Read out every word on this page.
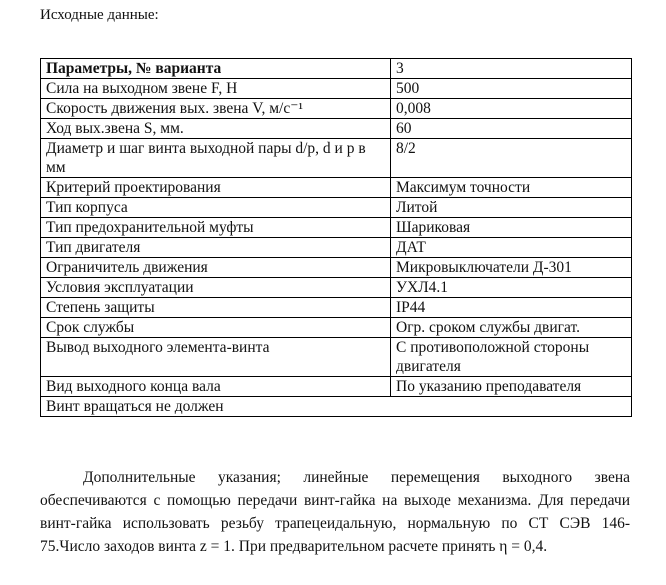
Исходные данные:
Параметры, № варианта	3
Сила на выходном звене F, Н	500
Скорость движения вых. звена V, м/с⁻¹	0,008
Ход вых.звена S, мм.	60
Диаметр и шаг винта выходной пары d/p, d и р в мм	8/2
Критерий проектирования	Максимум точности
Тип корпуса	Литой
Тип предохранительной муфты	Шариковая
Тип двигателя	ДАТ
Ограничитель движения	Микровыключатели Д-301
Условия эксплуатации	УХЛ4.1
Степень защиты	IP44
Срок службы	Огр. сроком службы двигат.
Вывод выходного элемента-винта	С противоположной стороны двигателя
Вид выходного конца вала	По указанию преподавателя
Винт вращаться не должен	
Дополнительные указания; линейные перемещения выходного звена обеспечиваются с помощью передачи винт-гайка на выходе механизма. Для передачи винт-гайка использовать резьбу трапецеидальную, нормальную по СТ СЭВ 146-75.Число заходов винта z = 1. При предварительном расчете принять η = 0,4.
